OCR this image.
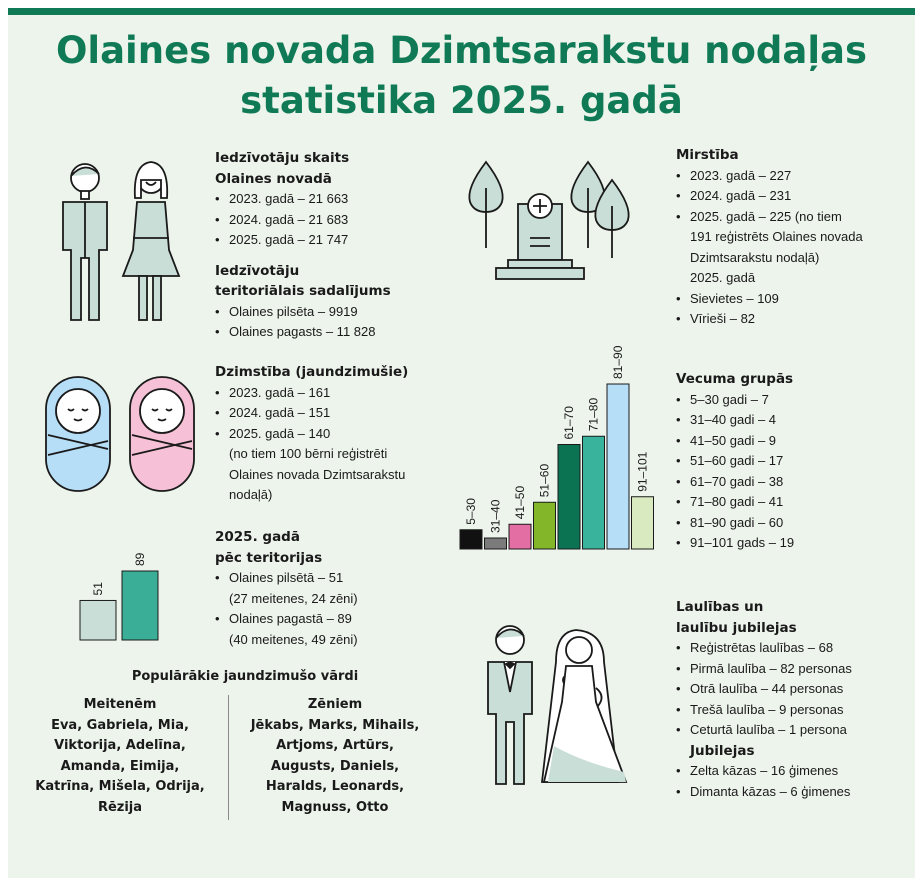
Olaines novada Dzimtsarakstu nodaļas
statistika 2025. gadā
Iedzīvotāju skaits
Olaines novadā
• 2023. gadā – 21 663
• 2024. gadā – 21 683
• 2025. gadā – 21 747
Iedzīvotāju
teritoriālais sadalījums
• Olaines pilsēta – 9919
• Olaines pagasts – 11 828
Dzimstība (jaundzimušie)
• 2023. gadā – 161
• 2024. gadā – 151
• 2025. gadā – 140
(no tiem 100 bērni reģistrēti
Olaines novada Dzimtsarakstu
nodaļā)
51
89
2025. gadā
pēc teritorijas
• Olaines pilsētā – 51
(27 meitenes, 24 zēni)
• Olaines pagastā – 89
(40 meitenes, 49 zēni)
Populārākie jaundzimušo vārdi
Meitenēm
Eva, Gabriela, Mia,
Viktorija, Adelīna,
Amanda, Eimija,
Katrīna, Mišela, Odrija,
Rēzija
Zēniem
Jēkabs, Marks, Mihails,
Artjoms, Artūrs,
Augusts, Daniels,
Haralds, Leonards,
Magnuss, Otto
Mirstība
• 2023. gadā – 227
• 2024. gadā – 231
• 2025. gadā – 225 (no tiem
191 reģistrēts Olaines novada
Dzimtsarakstu nodaļā)
2025. gadā
• Sievietes – 109
• Vīrieši – 82
5–30 31–40 41–50
51–60
61–70 71–80
81–90
91–101
Vecuma grupās
• 5–30 gadi – 7
• 31–40 gadi – 4
• 41–50 gadi – 9
• 51–60 gadi – 17
• 61–70 gadi – 38
• 71–80 gadi – 41
• 81–90 gadi – 60
• 91–101 gads – 19
Laulības un
laulību jubilejas
• Reģistrētas laulības – 68
• Pirmā laulība – 82 personas
• Otrā laulība – 44 personas
• Trešā laulība – 9 personas
• Ceturtā laulība – 1 persona
Jubilejas
• Zelta kāzas – 16 ģimenes
• Dimanta kāzas – 6 ģimenes
